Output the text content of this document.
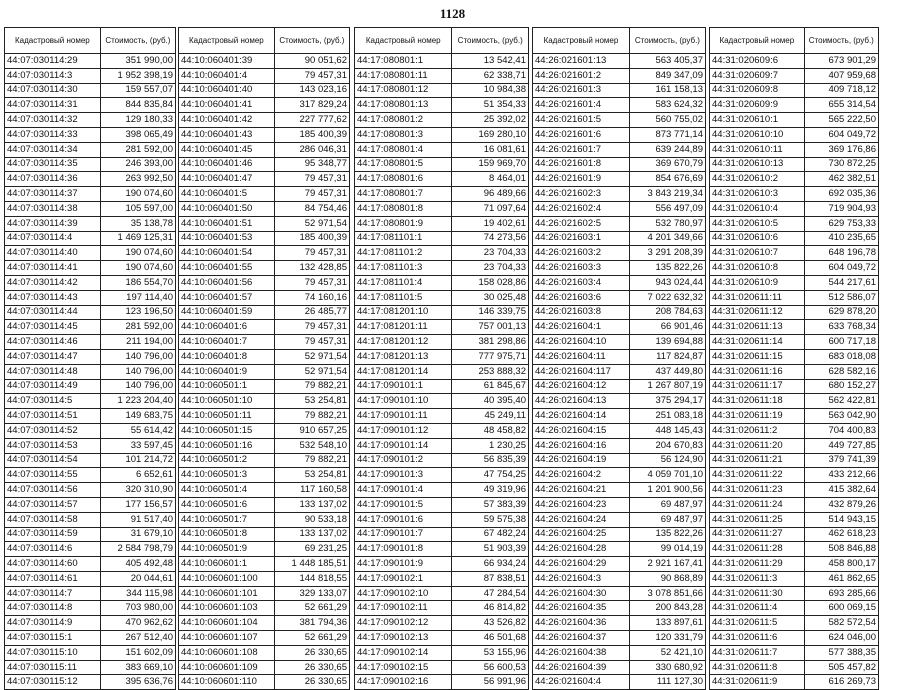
1128
Кадастровый номер	Стоимость, (руб.)
44:07:030114:29	351 990,00
44:07:030114:3	1 952 398,19
44:07:030114:30	159 557,07
44:07:030114:31	844 835,84
44:07:030114:32	129 180,33
44:07:030114:33	398 065,49
44:07:030114:34	281 592,00
44:07:030114:35	246 393,00
44:07:030114:36	263 992,50
44:07:030114:37	190 074,60
44:07:030114:38	105 597,00
44:07:030114:39	35 138,78
44:07:030114:4	1 469 125,31
44:07:030114:40	190 074,60
44:07:030114:41	190 074,60
44:07:030114:42	186 554,70
44:07:030114:43	197 114,40
44:07:030114:44	123 196,50
44:07:030114:45	281 592,00
44:07:030114:46	211 194,00
44:07:030114:47	140 796,00
44:07:030114:48	140 796,00
44:07:030114:49	140 796,00
44:07:030114:5	1 223 204,40
44:07:030114:51	149 683,75
44:07:030114:52	55 614,42
44:07:030114:53	33 597,45
44:07:030114:54	101 214,72
44:07:030114:55	6 652,61
44:07:030114:56	320 310,90
44:07:030114:57	177 156,57
44:07:030114:58	91 517,40
44:07:030114:59	31 679,10
44:07:030114:6	2 584 798,79
44:07:030114:60	405 492,48
44:07:030114:61	20 044,61
44:07:030114:7	344 115,98
44:07:030114:8	703 980,00
44:07:030114:9	470 962,62
44:07:030115:1	267 512,40
44:07:030115:10	151 602,09
44:07:030115:11	383 669,10
44:07:030115:12	395 636,76
Кадастровый номер	Стоимость, (руб.)
44:10:060401:39	90 051,62
44:10:060401:4	79 457,31
44:10:060401:40	143 023,16
44:10:060401:41	317 829,24
44:10:060401:42	227 777,62
44:10:060401:43	185 400,39
44:10:060401:45	286 046,31
44:10:060401:46	95 348,77
44:10:060401:47	79 457,31
44:10:060401:5	79 457,31
44:10:060401:50	84 754,46
44:10:060401:51	52 971,54
44:10:060401:53	185 400,39
44:10:060401:54	79 457,31
44:10:060401:55	132 428,85
44:10:060401:56	79 457,31
44:10:060401:57	74 160,16
44:10:060401:59	26 485,77
44:10:060401:6	79 457,31
44:10:060401:7	79 457,31
44:10:060401:8	52 971,54
44:10:060401:9	52 971,54
44:10:060501:1	79 882,21
44:10:060501:10	53 254,81
44:10:060501:11	79 882,21
44:10:060501:15	910 657,25
44:10:060501:16	532 548,10
44:10:060501:2	79 882,21
44:10:060501:3	53 254,81
44:10:060501:4	117 160,58
44:10:060501:6	133 137,02
44:10:060501:7	90 533,18
44:10:060501:8	133 137,02
44:10:060501:9	69 231,25
44:10:060601:1	1 448 185,51
44:10:060601:100	144 818,55
44:10:060601:101	329 133,07
44:10:060601:103	52 661,29
44:10:060601:104	381 794,36
44:10:060601:107	52 661,29
44:10:060601:108	26 330,65
44:10:060601:109	26 330,65
44:10:060601:110	26 330,65
Кадастровый номер	Стоимость, (руб.)
44:17:080801:1	13 542,41
44:17:080801:11	62 338,71
44:17:080801:12	10 984,38
44:17:080801:13	51 354,33
44:17:080801:2	25 392,02
44:17:080801:3	169 280,10
44:17:080801:4	16 081,61
44:17:080801:5	159 969,70
44:17:080801:6	8 464,01
44:17:080801:7	96 489,66
44:17:080801:8	71 097,64
44:17:080801:9	19 402,61
44:17:081101:1	74 273,56
44:17:081101:2	23 704,33
44:17:081101:3	23 704,33
44:17:081101:4	158 028,86
44:17:081101:5	30 025,48
44:17:081201:10	146 339,75
44:17:081201:11	757 001,13
44:17:081201:12	381 298,86
44:17:081201:13	777 975,71
44:17:081201:14	253 888,32
44:17:090101:1	61 845,67
44:17:090101:10	40 395,40
44:17:090101:11	45 249,11
44:17:090101:12	48 458,82
44:17:090101:14	1 230,25
44:17:090101:2	56 835,39
44:17:090101:3	47 754,25
44:17:090101:4	49 319,96
44:17:090101:5	57 383,39
44:17:090101:6	59 575,38
44:17:090101:7	67 482,24
44:17:090101:8	51 903,39
44:17:090101:9	66 934,24
44:17:090102:1	87 838,51
44:17:090102:10	47 284,54
44:17:090102:11	46 814,82
44:17:090102:12	43 526,82
44:17:090102:13	46 501,68
44:17:090102:14	53 155,96
44:17:090102:15	56 600,53
44:17:090102:16	56 991,96
Кадастровый номер	Стоимость, (руб.)
44:26:021601:13	563 405,37
44:26:021601:2	849 347,09
44:26:021601:3	161 158,13
44:26:021601:4	583 624,32
44:26:021601:5	560 755,02
44:26:021601:6	873 771,14
44:26:021601:7	639 244,89
44:26:021601:8	369 670,79
44:26:021601:9	854 676,69
44:26:021602:3	3 843 219,34
44:26:021602:4	556 497,09
44:26:021602:5	532 780,97
44:26:021603:1	4 201 349,66
44:26:021603:2	3 291 208,39
44:26:021603:3	135 822,26
44:26:021603:4	943 024,44
44:26:021603:6	7 022 632,32
44:26:021603:8	208 784,63
44:26:021604:1	66 901,46
44:26:021604:10	139 694,88
44:26:021604:11	117 824,87
44:26:021604:117	437 449,80
44:26:021604:12	1 267 807,19
44:26:021604:13	375 294,17
44:26:021604:14	251 083,18
44:26:021604:15	448 145,43
44:26:021604:16	204 670,83
44:26:021604:19	56 124,90
44:26:021604:2	4 059 701,10
44:26:021604:21	1 201 900,56
44:26:021604:23	69 487,97
44:26:021604:24	69 487,97
44:26:021604:25	135 822,26
44:26:021604:28	99 014,19
44:26:021604:29	2 921 167,41
44:26:021604:3	90 868,89
44:26:021604:30	3 078 851,66
44:26:021604:35	200 843,28
44:26:021604:36	133 897,61
44:26:021604:37	120 331,79
44:26:021604:38	52 421,10
44:26:021604:39	330 680,92
44:26:021604:4	111 127,30
Кадастровый номер	Стоимость, (руб.)
44:31:020609:6	673 901,29
44:31:020609:7	407 959,68
44:31:020609:8	409 718,12
44:31:020609:9	655 314,54
44:31:020610:1	565 222,50
44:31:020610:10	604 049,72
44:31:020610:11	369 176,86
44:31:020610:13	730 872,25
44:31:020610:2	462 382,51
44:31:020610:3	692 035,36
44:31:020610:4	719 904,93
44:31:020610:5	629 753,33
44:31:020610:6	410 235,65
44:31:020610:7	648 196,78
44:31:020610:8	604 049,72
44:31:020610:9	544 217,61
44:31:020611:11	512 586,07
44:31:020611:12	629 878,20
44:31:020611:13	633 768,34
44:31:020611:14	600 717,18
44:31:020611:15	683 018,08
44:31:020611:16	628 582,16
44:31:020611:17	680 152,27
44:31:020611:18	562 422,81
44:31:020611:19	563 042,90
44:31:020611:2	704 400,83
44:31:020611:20	449 727,85
44:31:020611:21	379 741,39
44:31:020611:22	433 212,66
44:31:020611:23	415 382,64
44:31:020611:24	432 879,26
44:31:020611:25	514 943,15
44:31:020611:27	462 618,23
44:31:020611:28	508 846,88
44:31:020611:29	458 800,17
44:31:020611:3	461 862,65
44:31:020611:30	693 285,66
44:31:020611:4	600 069,15
44:31:020611:5	582 572,54
44:31:020611:6	624 046,00
44:31:020611:7	577 388,35
44:31:020611:8	505 457,82
44:31:020611:9	616 269,73
